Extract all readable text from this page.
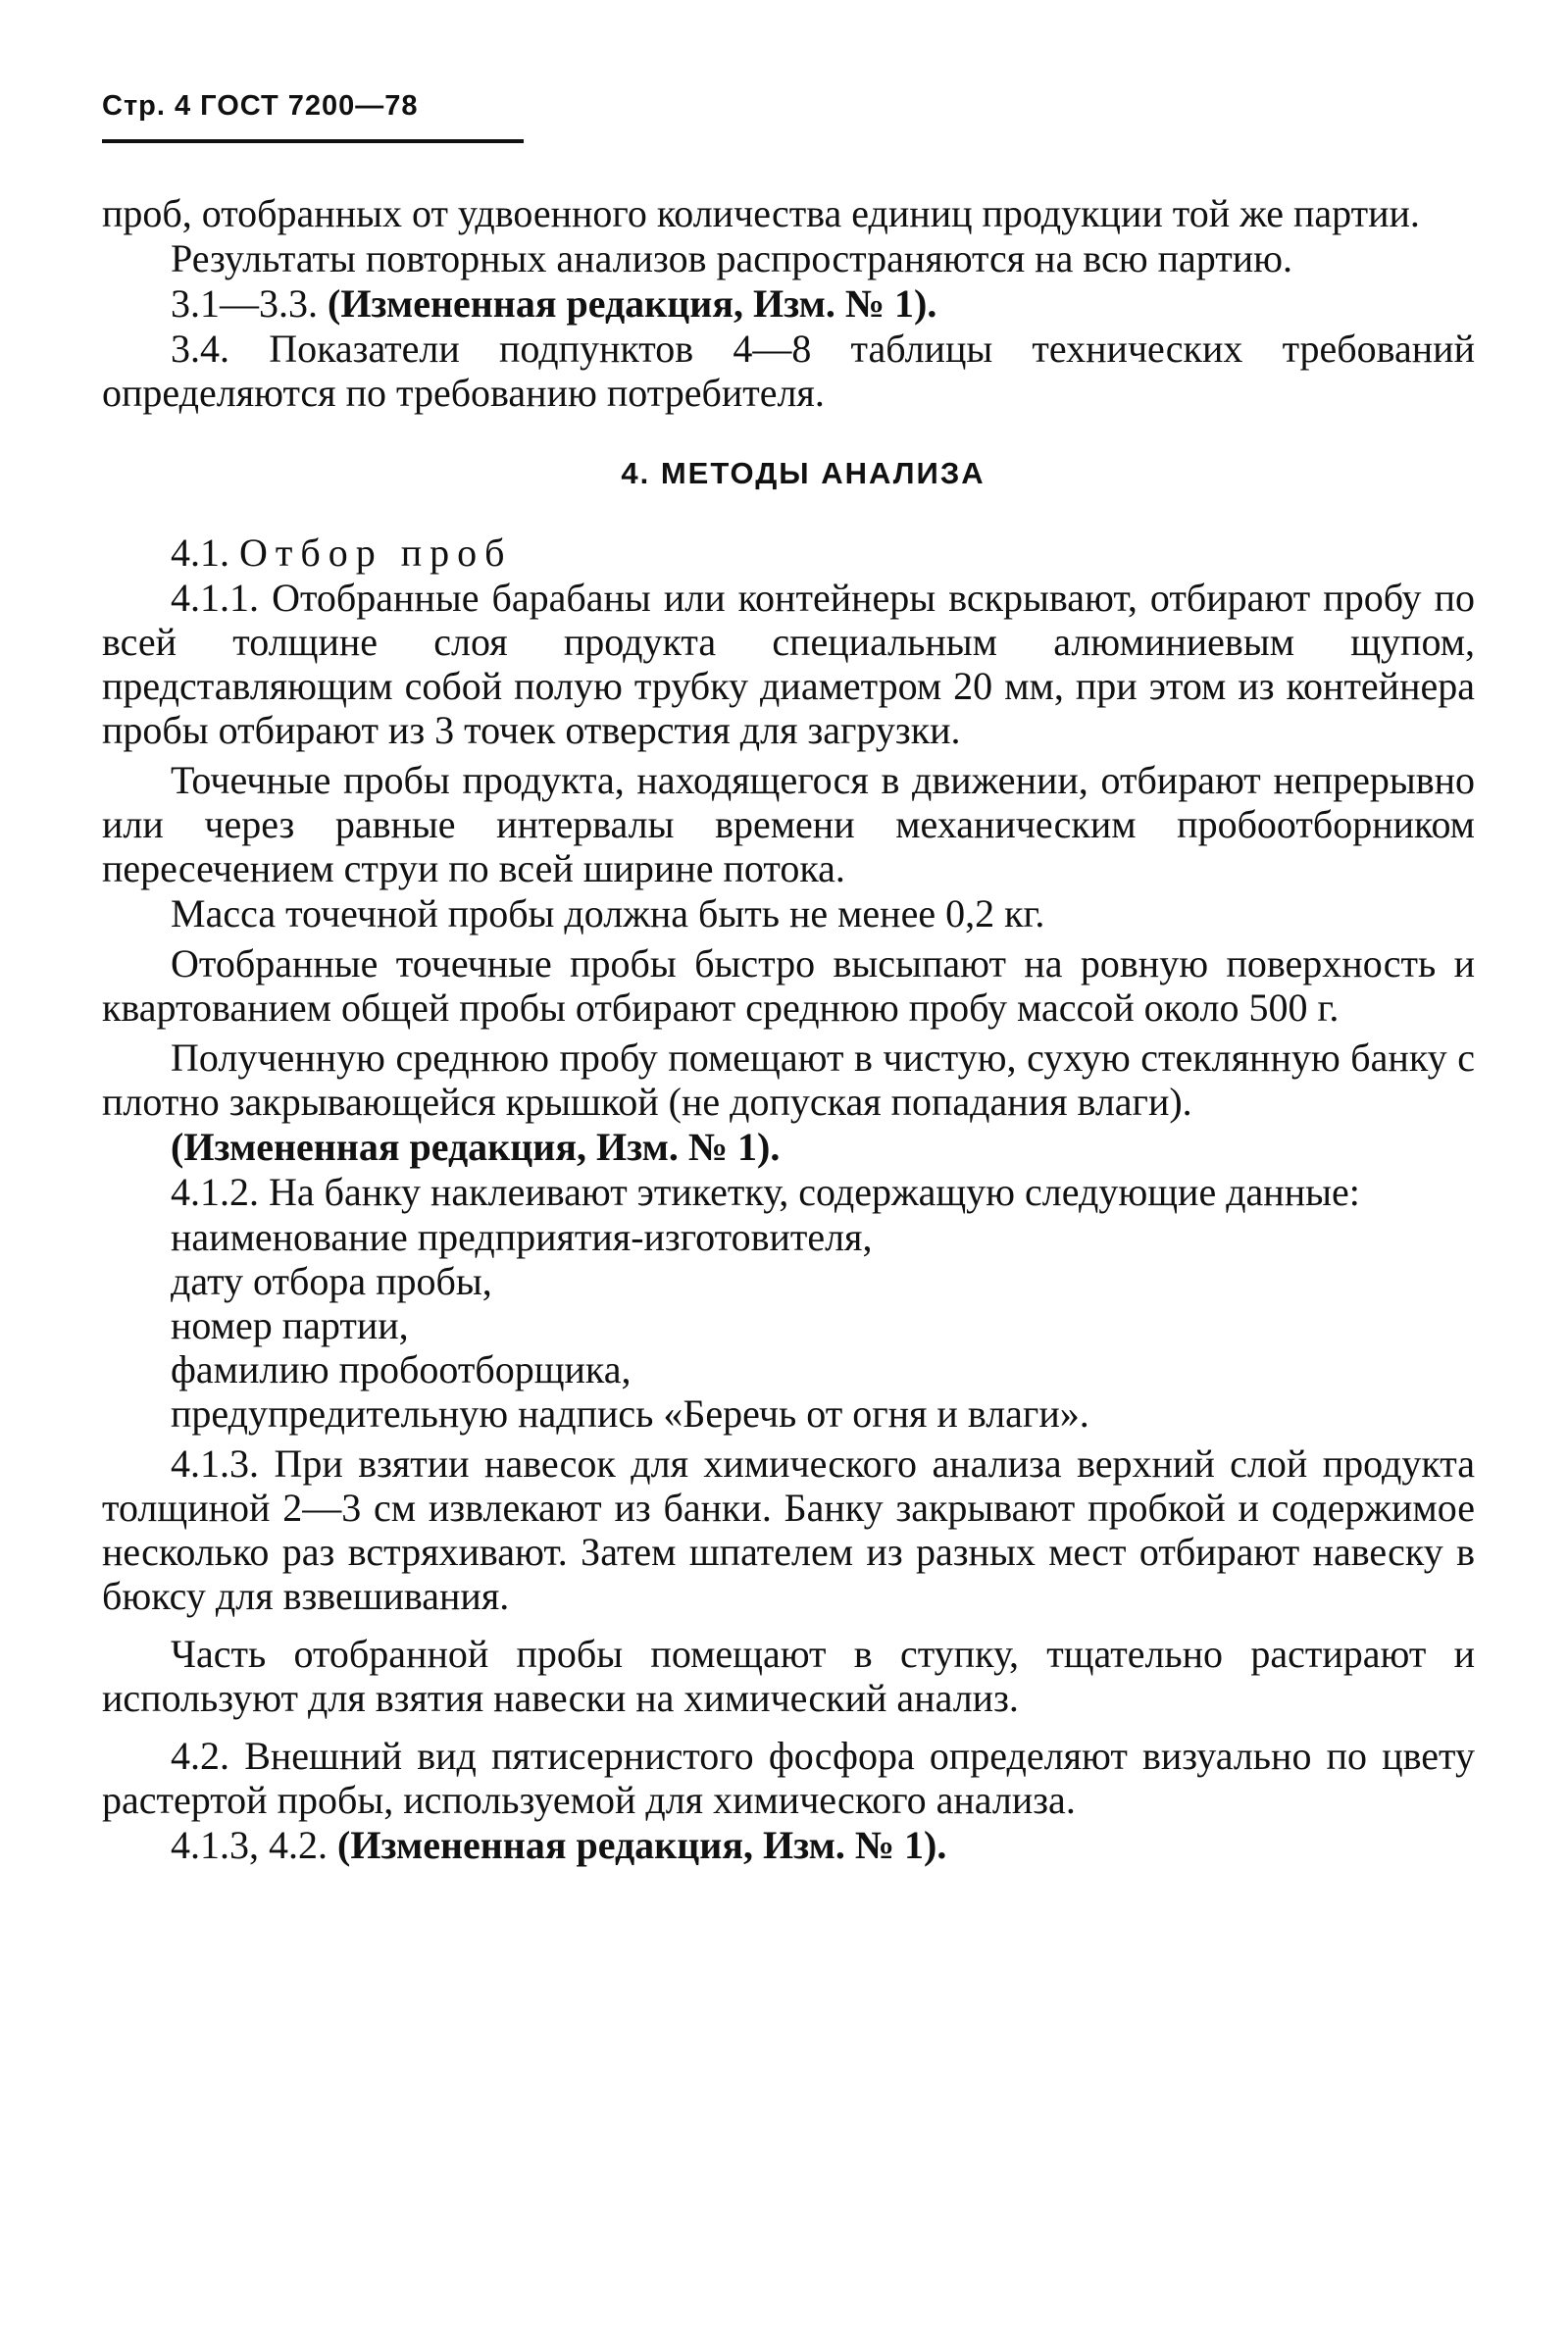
Стр. 4 ГОСТ 7200—78

проб, отобранных от удвоенного количества единиц продукции той же партии.

Результаты повторных анализов распространяются на всю партию.

3.1—3.3. (Измененная редакция, Изм. № 1).

3.4. Показатели подпунктов 4—8 таблицы технических требований определяются по требованию потребителя.

4. МЕТОДЫ АНАЛИЗА

4.1. Отбор проб

4.1.1. Отобранные барабаны или контейнеры вскрывают, отбирают пробу по всей толщине слоя продукта специальным алюминиевым щупом, представляющим собой полую трубку диаметром 20 мм, при этом из контейнера пробы отбирают из 3 точек отверстия для загрузки.

Точечные пробы продукта, находящегося в движении, отбирают непрерывно или через равные интервалы времени механическим пробоотборником пересечением струи по всей ширине потока.

Масса точечной пробы должна быть не менее 0,2 кг.

Отобранные точечные пробы быстро высыпают на ровную поверхность и квартованием общей пробы отбирают среднюю пробу массой около 500 г.

Полученную среднюю пробу помещают в чистую, сухую стеклянную банку с плотно закрывающейся крышкой (не допуская попадания влаги).

(Измененная редакция, Изм. № 1).

4.1.2. На банку наклеивают этикетку, содержащую следующие данные:

наименование предприятия-изготовителя,

дату отбора пробы,

номер партии,

фамилию пробоотборщика,

предупредительную надпись «Беречь от огня и влаги».

4.1.3. При взятии навесок для химического анализа верхний слой продукта толщиной 2—3 см извлекают из банки. Банку закрывают пробкой и содержимое несколько раз встряхивают. Затем шпателем из разных мест отбирают навеску в бюксу для взвешивания.

Часть отобранной пробы помещают в ступку, тщательно растирают и используют для взятия навески на химический анализ.

4.2. Внешний вид пятисернистого фосфора определяют визуально по цвету растертой пробы, используемой для химического анализа.

4.1.3, 4.2. (Измененная редакция, Изм. № 1).
